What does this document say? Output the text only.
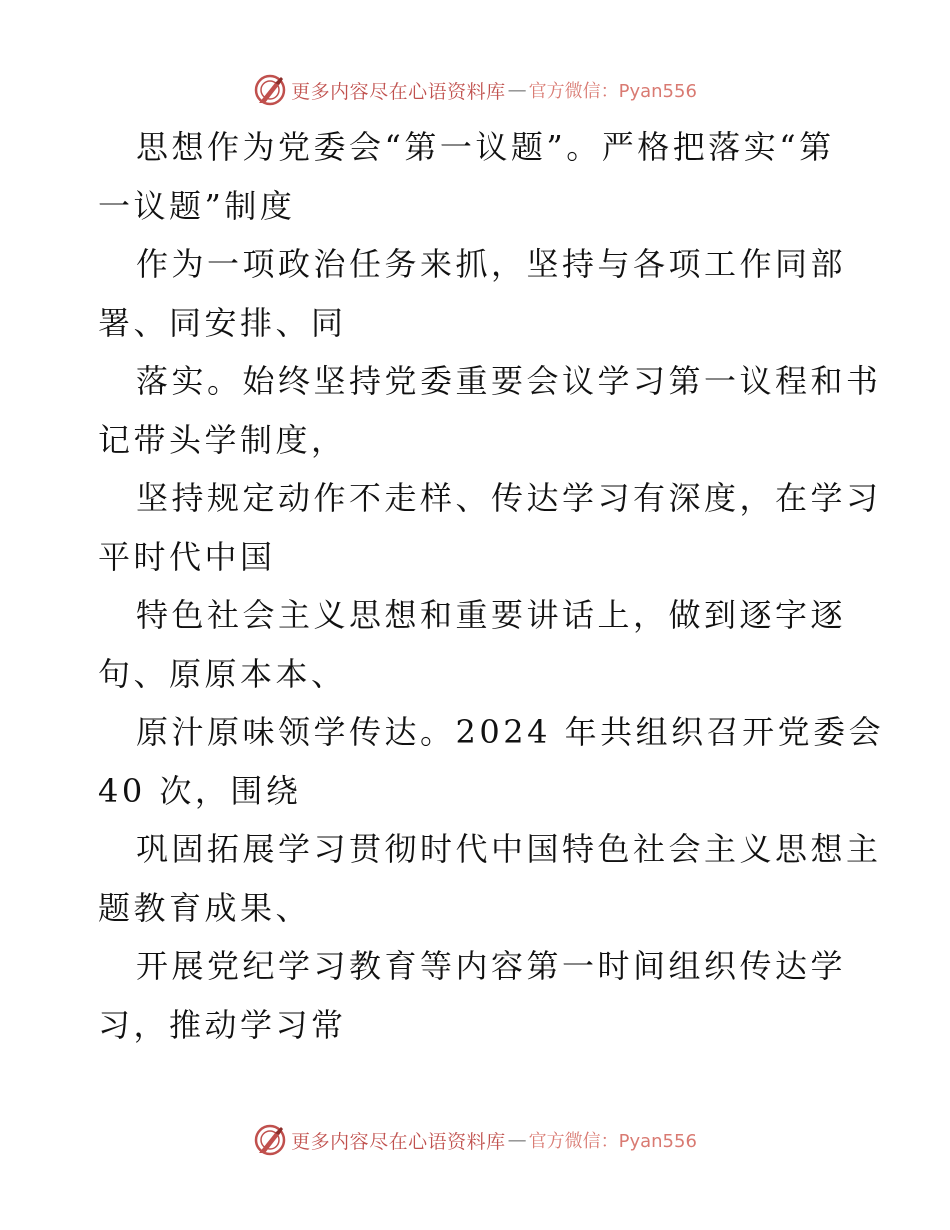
更多内容尽在心语资料库 — 官方微信：Pyan556
思想作为党委会“第一议题”。严格把落实“第
一议题”制度
作为一项政治任务来抓，坚持与各项工作同部
署、同安排、同
落实。始终坚持党委重要会议学习第一议程和书
记带头学制度，
坚持规定动作不走样、传达学习有深度，在学习
平时代中国
特色社会主义思想和重要讲话上，做到逐字逐
句、原原本本、
原汁原味领学传达。2024 年共组织召开党委会
40 次，围绕
巩固拓展学习贯彻时代中国特色社会主义思想主
题教育成果、
开展党纪学习教育等内容第一时间组织传达学
习，推动学习常
更多内容尽在心语资料库 — 官方微信：Pyan556
